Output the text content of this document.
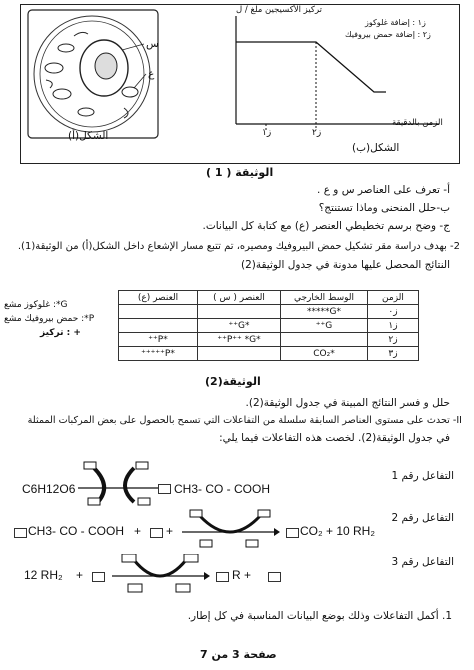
س
ع
الشكل(أ)
تركيز الأكسيجين ملغ / ل
ز١ : إضافة غلوكوز
ز٢ : إضافة حمض بيروفيك
ز١	ز٢
الزمن بالدقيقة
الشكل(ب)
الوثيقة ( 1 )
أ- تعرف على العناصر س و ع .
ب-حلل المنحنى وماذا تستنتج؟
ج- وضح برسم تخطيطي العنصر (ع) مع كتابة كل البيانات.
2- بهدف دراسة مقر تشكيل حمض البيروفيك ومصيره، تم تتبع مسار الإشعاع داخل الشكل(أ) من الوثيقة(1).
النتائج المحصل عليها مدونة في جدول الوثيقة(2)
الزمن	الوسط الخارجي	العنصر ( س )	العنصر (ع)
ز٠	*G*****		
ز١	G⁺⁺	*G⁺⁺	
ز٢		*P⁺⁺ *G⁺⁺	*P⁺⁺
ز٣	*CO₂		*P⁺⁺⁺⁺⁺
G*: غلوكوز مشع
P*: حمض بيروفيك مشع
+ : تركيز
الوثيقة(2)
حلل و فسر النتائج المبينة في جدول الوثيقة(2).
II- تحدث على مستوى العناصر السابقة سلسلة من التفاعلات التي تسمح بالحصول على بعض المركبات الممثلة
في جدول الوثيقة(2). لخصت هذه التفاعلات فيما يلي:
التفاعل رقم 1
C6H12O6	CH3- CO - COOH
التفاعل رقم 2
CH3- CO - COOH + +	CO₂ + 10 RH₂
التفاعل رقم 3
12 RH₂ +	R +
1. أكمل التفاعلات وذلك بوضع البيانات المناسبة في كل إطار.
صفحة 3 من 7
